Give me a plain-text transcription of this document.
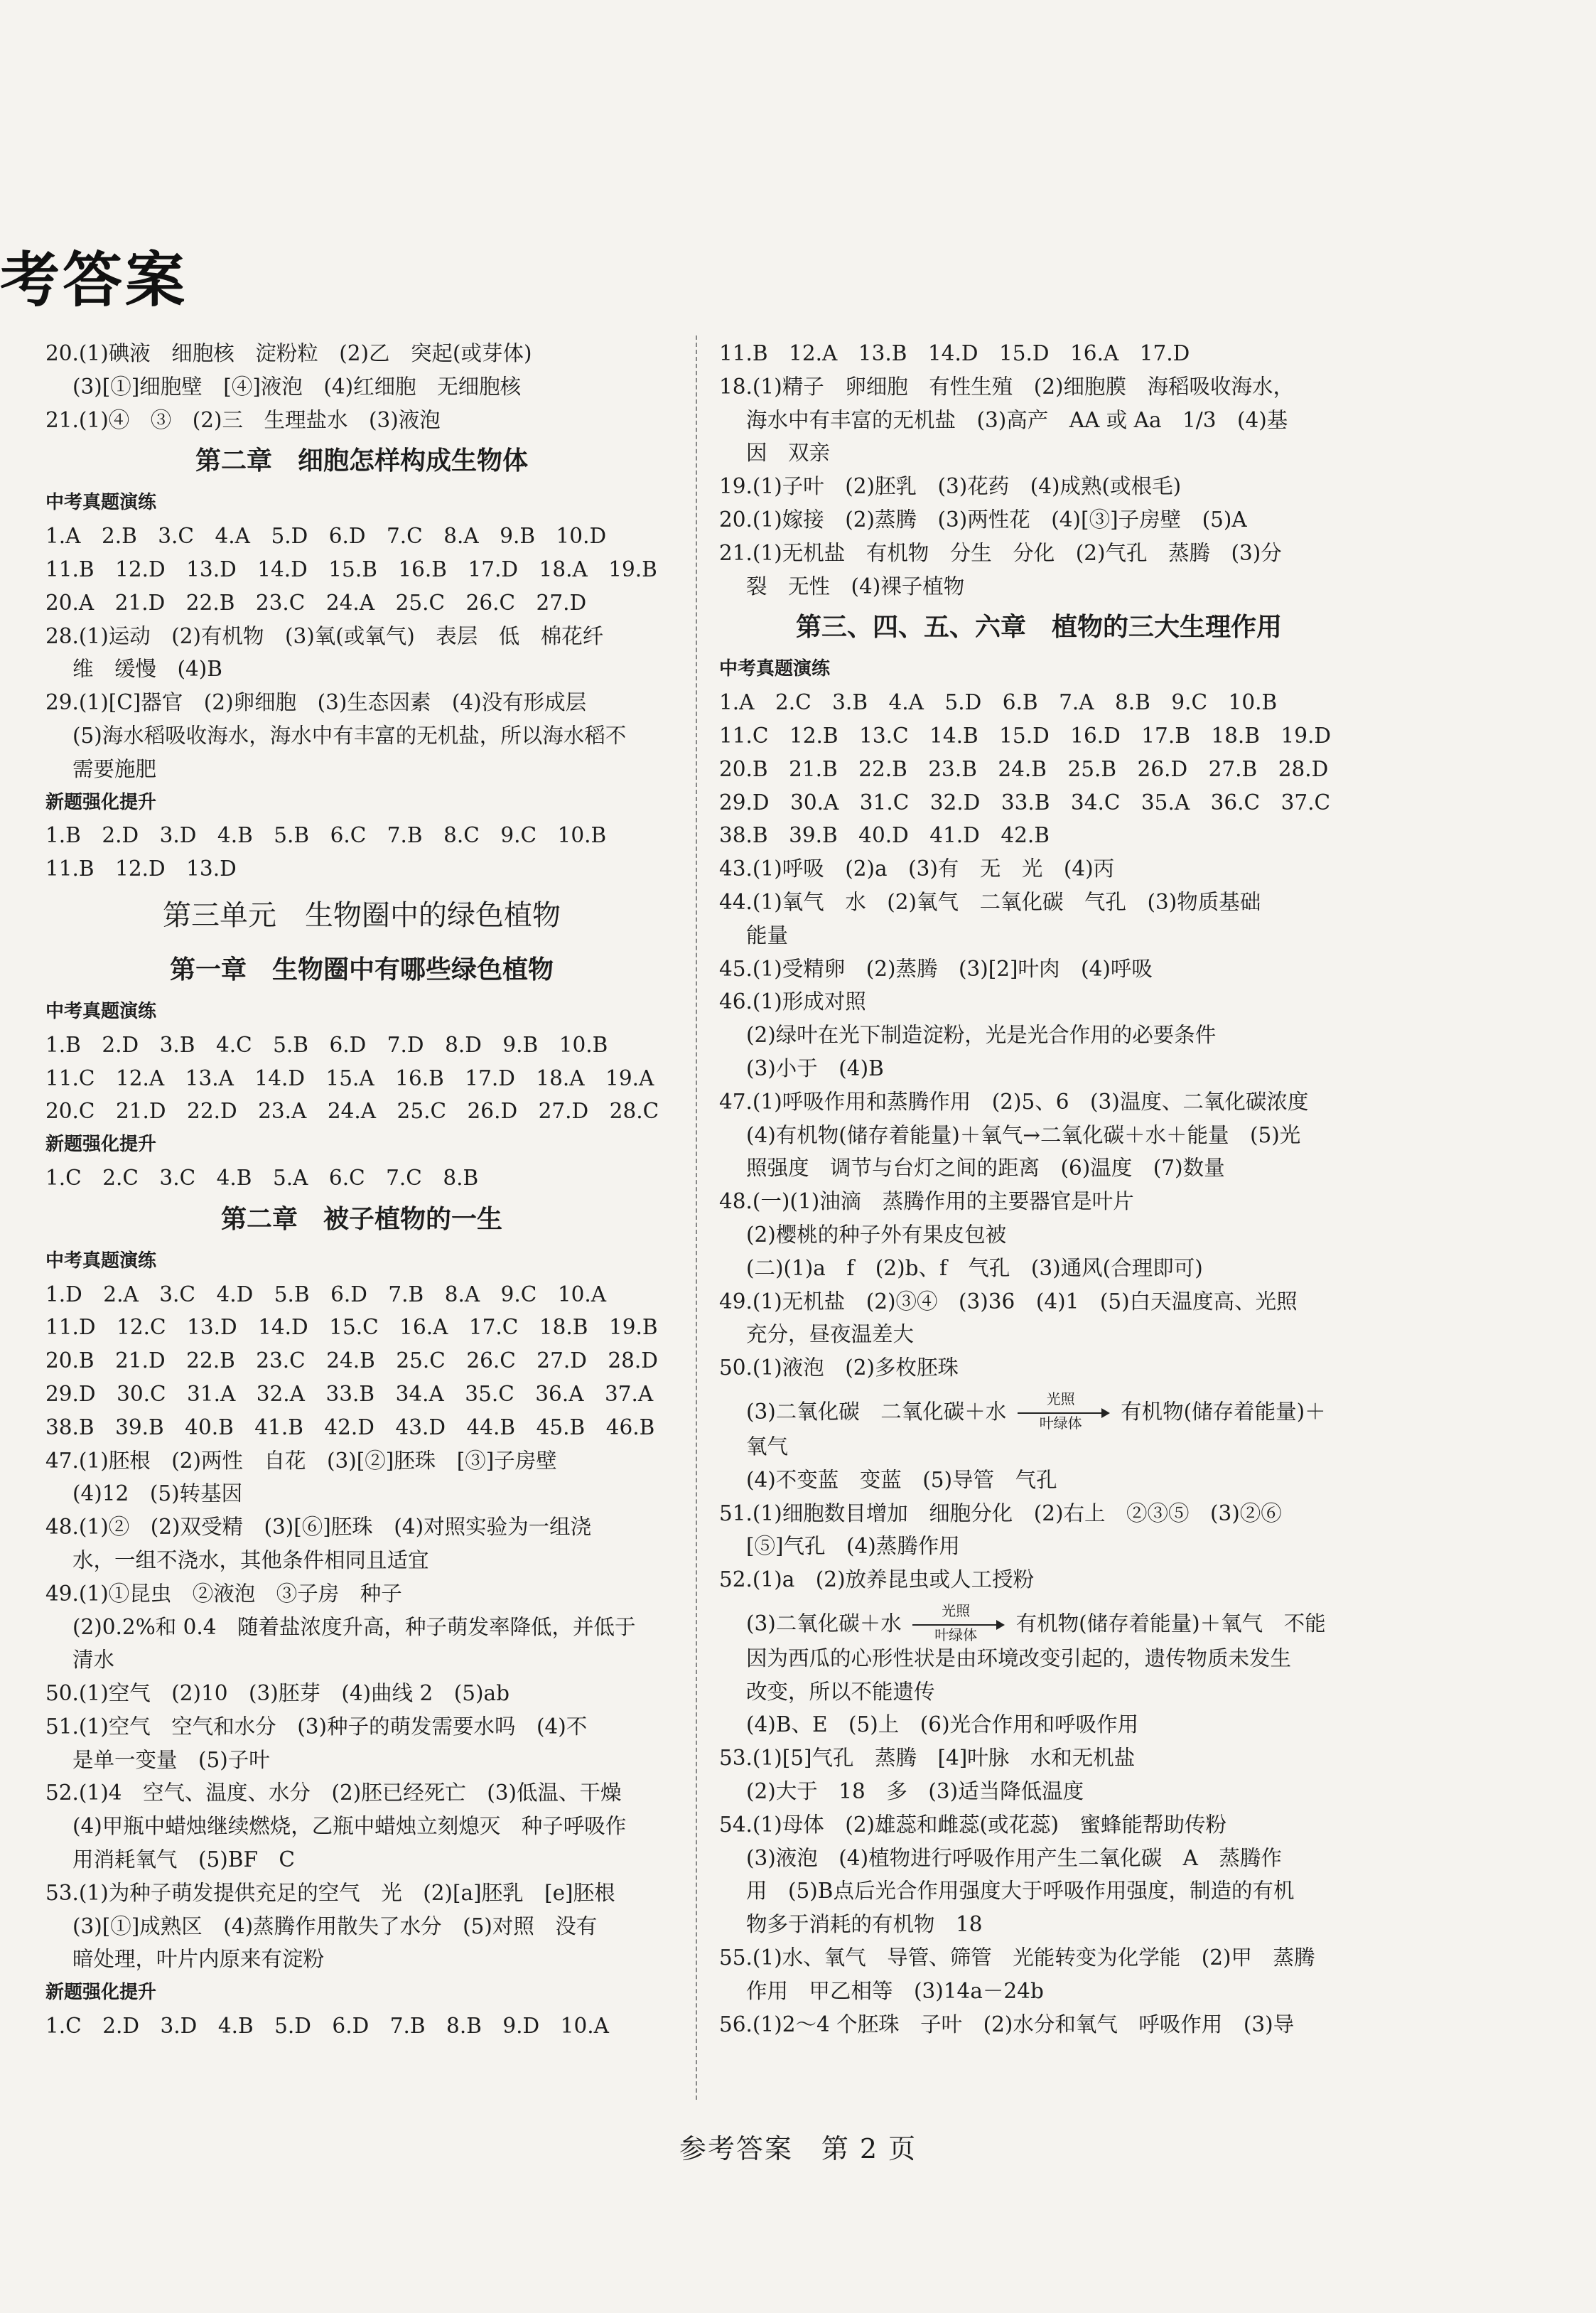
考答案
20.(1)碘液　细胞核　淀粉粒　(2)乙　突起(或芽体)
(3)[①]细胞壁　[④]液泡　(4)红细胞　无细胞核
21.(1)④　③　(2)三　生理盐水　(3)液泡
第二章　细胞怎样构成生物体
中考真题演练
1.A　2.B　3.C　4.A　5.D　6.D　7.C　8.A　9.B　10.D
11.B　12.D　13.D　14.D　15.B　16.B　17.D　18.A　19.B
20.A　21.D　22.B　23.C　24.A　25.C　26.C　27.D
28.(1)运动　(2)有机物　(3)氧(或氧气)　表层　低　棉花纤
维　缓慢　(4)B
29.(1)[C]器官　(2)卵细胞　(3)生态因素　(4)没有形成层
(5)海水稻吸收海水，海水中有丰富的无机盐，所以海水稻不
需要施肥
新题强化提升
1.B　2.D　3.D　4.B　5.B　6.C　7.B　8.C　9.C　10.B
11.B　12.D　13.D
第三单元　生物圈中的绿色植物
第一章　生物圈中有哪些绿色植物
中考真题演练
1.B　2.D　3.B　4.C　5.B　6.D　7.D　8.D　9.B　10.B
11.C　12.A　13.A　14.D　15.A　16.B　17.D　18.A　19.A
20.C　21.D　22.D　23.A　24.A　25.C　26.D　27.D　28.C
新题强化提升
1.C　2.C　3.C　4.B　5.A　6.C　7.C　8.B
第二章　被子植物的一生
中考真题演练
1.D　2.A　3.C　4.D　5.B　6.D　7.B　8.A　9.C　10.A
11.D　12.C　13.D　14.D　15.C　16.A　17.C　18.B　19.B
20.B　21.D　22.B　23.C　24.B　25.C　26.C　27.D　28.D
29.D　30.C　31.A　32.A　33.B　34.A　35.C　36.A　37.A
38.B　39.B　40.B　41.B　42.D　43.D　44.B　45.B　46.B
47.(1)胚根　(2)两性　自花　(3)[②]胚珠　[③]子房壁
(4)12　(5)转基因
48.(1)②　(2)双受精　(3)[⑥]胚珠　(4)对照实验为一组浇
水，一组不浇水，其他条件相同且适宜
49.(1)①昆虫　②液泡　③子房　种子
(2)0.2%和 0.4　随着盐浓度升高，种子萌发率降低，并低于
清水
50.(1)空气　(2)10　(3)胚芽　(4)曲线 2　(5)ab
51.(1)空气　空气和水分　(3)种子的萌发需要水吗　(4)不
是单一变量　(5)子叶
52.(1)4　空气、温度、水分　(2)胚已经死亡　(3)低温、干燥
(4)甲瓶中蜡烛继续燃烧，乙瓶中蜡烛立刻熄灭　种子呼吸作
用消耗氧气　(5)BF　C
53.(1)为种子萌发提供充足的空气　光　(2)[a]胚乳　[e]胚根
(3)[①]成熟区　(4)蒸腾作用散失了水分　(5)对照　没有
暗处理，叶片内原来有淀粉
新题强化提升
1.C　2.D　3.D　4.B　5.D　6.D　7.B　8.B　9.D　10.A
11.B　12.A　13.B　14.D　15.D　16.A　17.D
18.(1)精子　卵细胞　有性生殖　(2)细胞膜　海稻吸收海水，
海水中有丰富的无机盐　(3)高产　AA 或 Aa　1/3　(4)基
因　双亲
19.(1)子叶　(2)胚乳　(3)花药　(4)成熟(或根毛)
20.(1)嫁接　(2)蒸腾　(3)两性花　(4)[③]子房壁　(5)A
21.(1)无机盐　有机物　分生　分化　(2)气孔　蒸腾　(3)分
裂　无性　(4)裸子植物
第三、四、五、六章　植物的三大生理作用
中考真题演练
1.A　2.C　3.B　4.A　5.D　6.B　7.A　8.B　9.C　10.B
11.C　12.B　13.C　14.B　15.D　16.D　17.B　18.B　19.D
20.B　21.B　22.B　23.B　24.B　25.B　26.D　27.B　28.D
29.D　30.A　31.C　32.D　33.B　34.C　35.A　36.C　37.C
38.B　39.B　40.D　41.D　42.B
43.(1)呼吸　(2)a　(3)有　无　光　(4)丙
44.(1)氧气　水　(2)氧气　二氧化碳　气孔　(3)物质基础
能量
45.(1)受精卵　(2)蒸腾　(3)[2]叶肉　(4)呼吸
46.(1)形成对照
(2)绿叶在光下制造淀粉，光是光合作用的必要条件
(3)小于　(4)B
47.(1)呼吸作用和蒸腾作用　(2)5、6　(3)温度、二氧化碳浓度
(4)有机物(储存着能量)＋氧气→二氧化碳＋水＋能量　(5)光
照强度　调节与台灯之间的距离　(6)温度　(7)数量
48.(一)(1)油滴　蒸腾作用的主要器官是叶片
(2)樱桃的种子外有果皮包被
(二)(1)a　f　(2)b、f　气孔　(3)通风(合理即可)
49.(1)无机盐　(2)③④　(3)36　(4)1　(5)白天温度高、光照
充分，昼夜温差大
50.(1)液泡　(2)多枚胚珠
(3)二氧化碳　二氧化碳＋水
光照
叶绿体	有机物(储存着能量)＋
氧气
(4)不变蓝　变蓝　(5)导管　气孔
51.(1)细胞数目增加　细胞分化　(2)右上　②③⑤　(3)②⑥
[⑤]气孔　(4)蒸腾作用
52.(1)a　(2)放养昆虫或人工授粉
(3)二氧化碳＋水
光照
叶绿体	有机物(储存着能量)＋氧气　不能
因为西瓜的心形性状是由环境改变引起的，遗传物质未发生
改变，所以不能遗传
(4)B、E　(5)上　(6)光合作用和呼吸作用
53.(1)[5]气孔　蒸腾　[4]叶脉　水和无机盐
(2)大于　18　多　(3)适当降低温度
54.(1)母体　(2)雄蕊和雌蕊(或花蕊)　蜜蜂能帮助传粉
(3)液泡　(4)植物进行呼吸作用产生二氧化碳　A　蒸腾作
用　(5)B点后光合作用强度大于呼吸作用强度，制造的有机
物多于消耗的有机物　18
55.(1)水、氧气　导管、筛管　光能转变为化学能　(2)甲　蒸腾
作用　甲乙相等　(3)14a－24b
56.(1)2～4 个胚珠　子叶　(2)水分和氧气　呼吸作用　(3)导
参考答案　第 2 页
